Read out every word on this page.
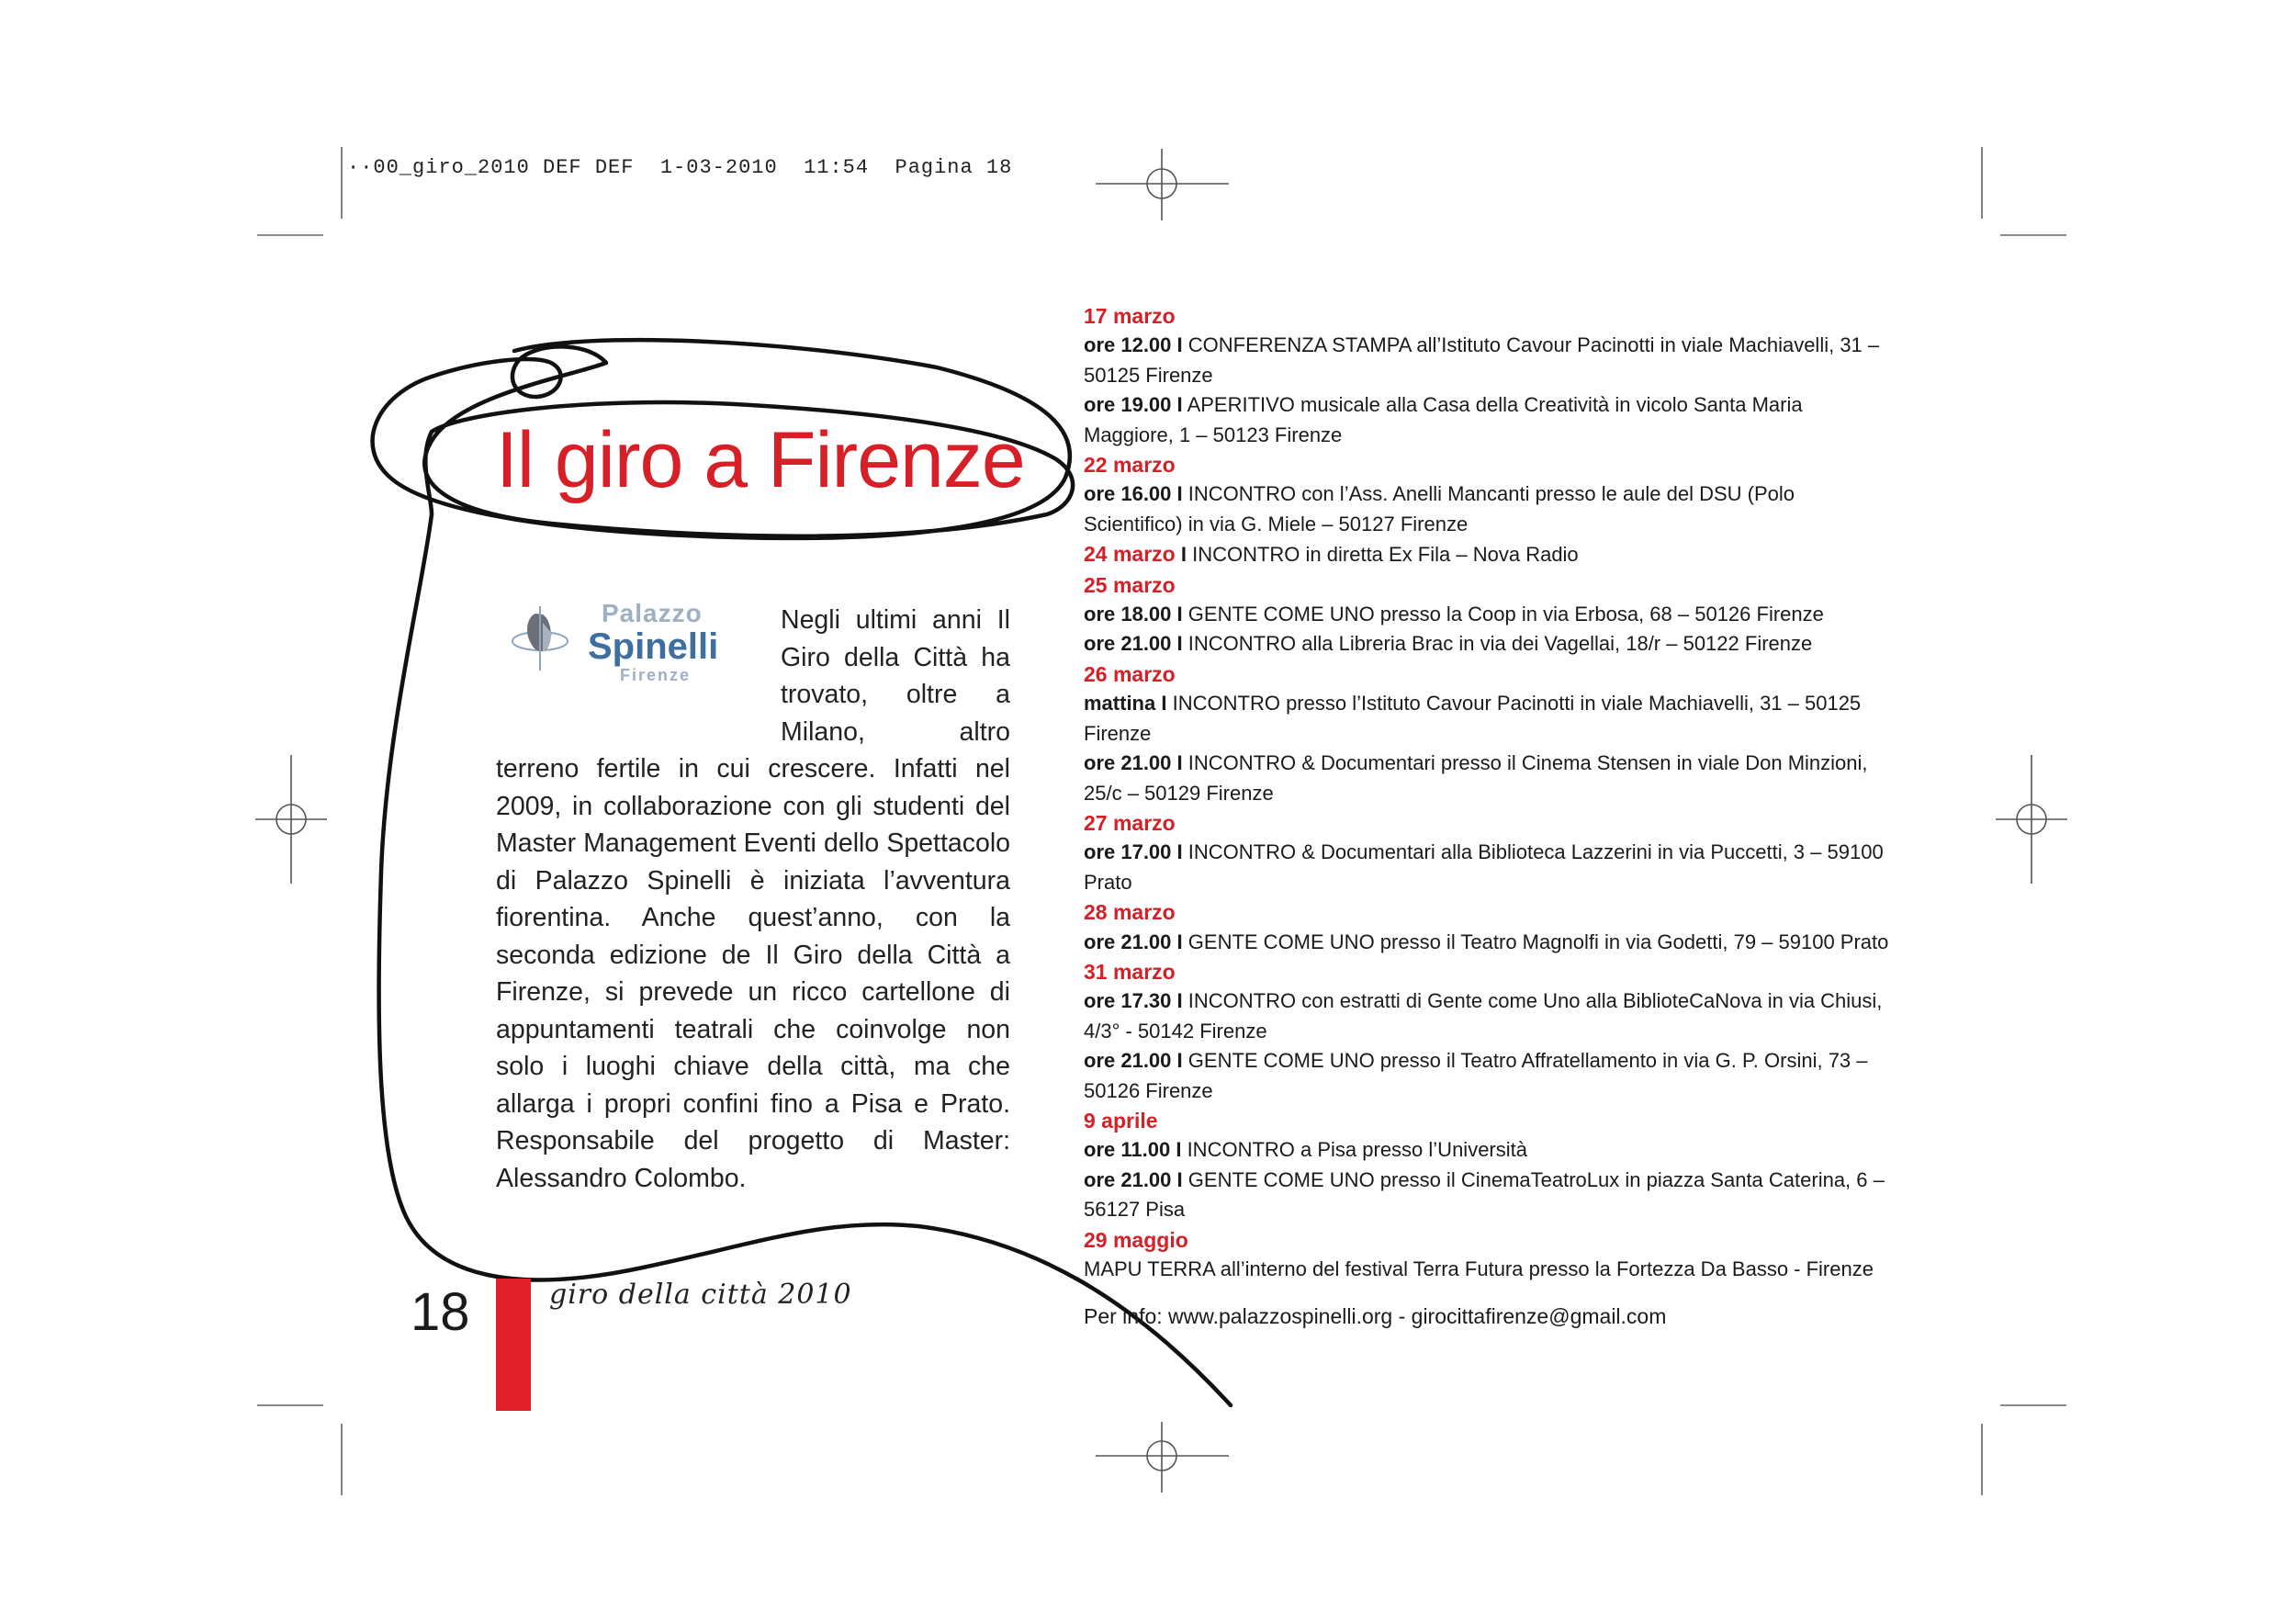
··00_giro_2010 DEF DEF  1-03-2010  11:54  Pagina 18
Il giro a Firenze
Palazzo
Spinelli
Firenze
Negli ultimi anni Il Giro della Città ha trovato, oltre a Milano, altro terreno fertile in cui crescere. Infatti nel 2009, in collaborazione con gli studenti del Master Management Eventi dello Spettacolo di Palazzo Spinelli è iniziata l’avventura fiorentina. Anche quest’anno, con la seconda edizione de Il Giro della Città a Firenze, si prevede un ricco cartellone di appuntamenti teatrali che coinvolge non solo i luoghi chiave della città, ma che allarga i propri confini fino a Pisa e Prato. Responsabile del progetto di Master: Alessandro Colombo.
17 marzo
ore 12.00 I CONFERENZA STAMPA all’Istituto Cavour Pacinotti in viale Machiavelli, 31 – 50125 Firenze
ore 19.00 I APERITIVO musicale alla Casa della Creatività in vicolo Santa Maria Maggiore, 1 – 50123 Firenze
22 marzo
ore 16.00 I INCONTRO con l’Ass. Anelli Mancanti presso le aule del DSU (Polo Scientifico) in via G. Miele – 50127 Firenze
24 marzo I INCONTRO in diretta Ex Fila – Nova Radio
25 marzo
ore 18.00 I GENTE COME UNO presso la Coop in via Erbosa, 68 – 50126 Firenze
ore 21.00 I INCONTRO alla Libreria Brac in via dei Vagellai, 18/r – 50122 Firenze
26 marzo
mattina I INCONTRO presso l’Istituto Cavour Pacinotti in viale Machiavelli, 31 – 50125 Firenze
ore 21.00 I INCONTRO & Documentari presso il Cinema Stensen in viale Don Minzioni, 25/c – 50129 Firenze
27 marzo
ore 17.00 I INCONTRO & Documentari alla Biblioteca Lazzerini in via Puccetti, 3 – 59100 Prato
28 marzo
ore 21.00 I GENTE COME UNO presso il Teatro Magnolfi in via Godetti, 79 – 59100 Prato
31 marzo
ore 17.30 I INCONTRO con estratti di Gente come Uno alla BiblioteCaNova in via Chiusi, 4/3° - 50142 Firenze
ore 21.00 I GENTE COME UNO presso il Teatro Affratellamento in via G. P. Orsini, 73 – 50126 Firenze
9 aprile
ore 11.00 I INCONTRO a Pisa presso l’Università
ore 21.00 I GENTE COME UNO presso il CinemaTeatroLux in piazza Santa Caterina, 6 – 56127 Pisa
29 maggio
MAPU TERRA all’interno del festival Terra Futura presso la Fortezza Da Basso - Firenze
Per info: www.palazzospinelli.org - girocittafirenze@gmail.com
18	giro della città 2010
